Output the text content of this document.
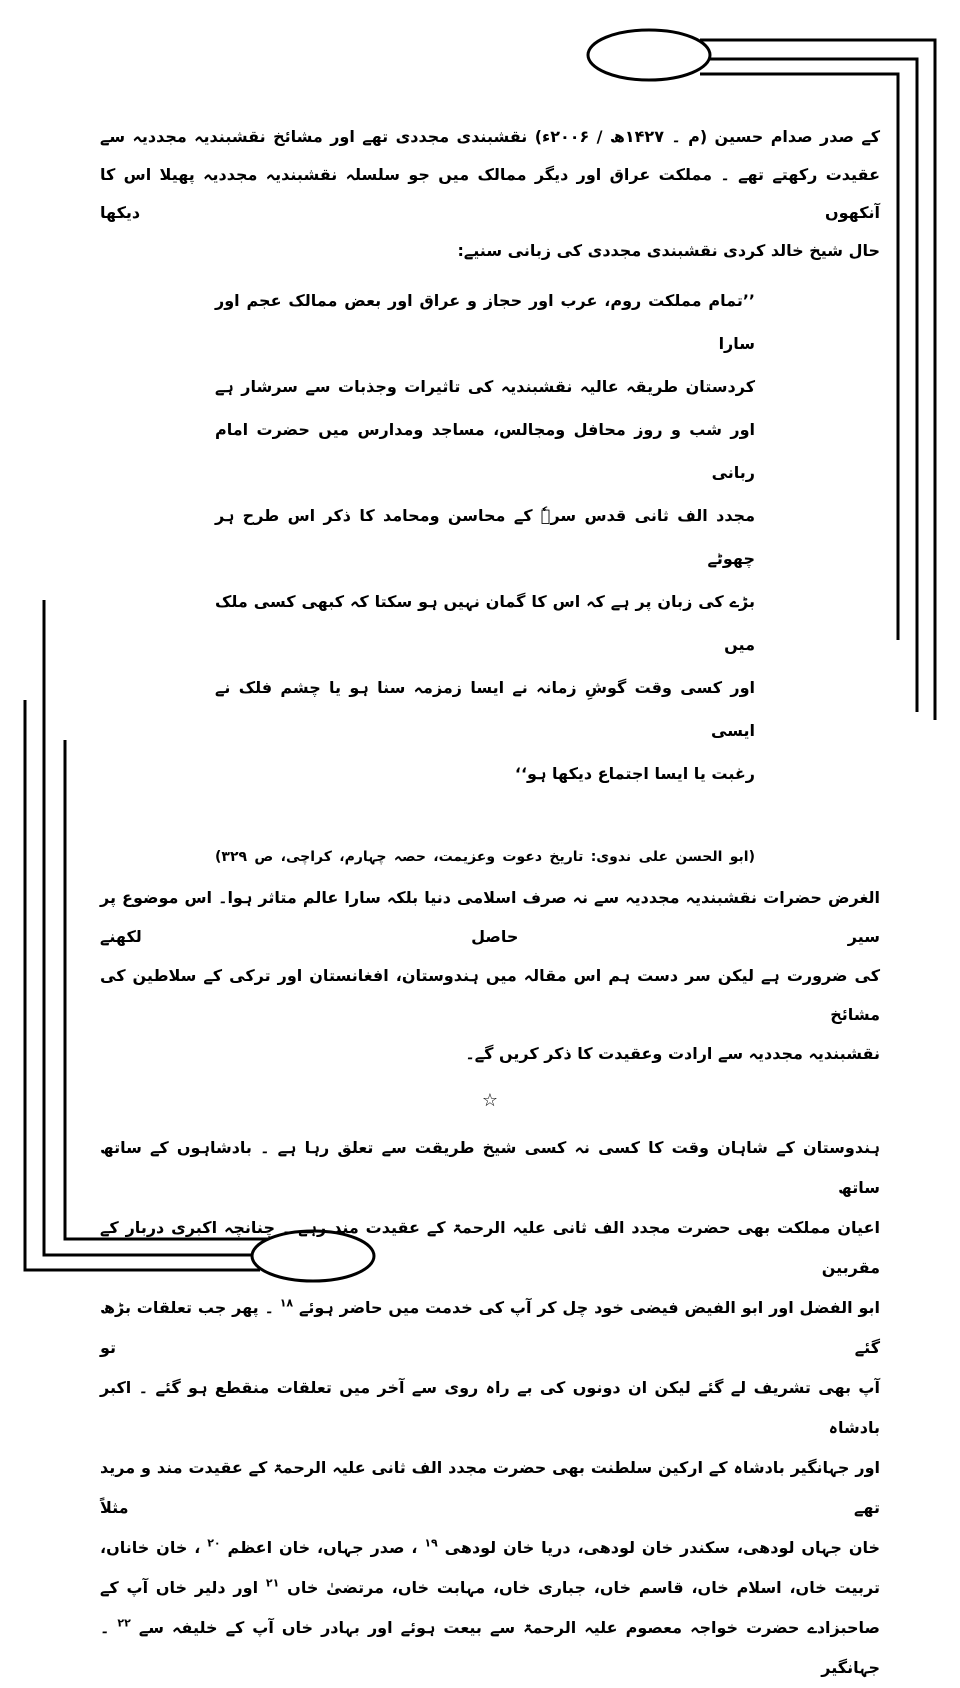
کے صدر صدام حسین (م ۔ ۱۴۲۷ھ / ۲۰۰۶ء) نقشبندی مجددی تھے اور مشائخ نقشبندیہ مجددیہ سے
عقیدت رکھتے تھے ۔ مملکت عراق اور دیگر ممالک میں جو سلسلہ نقشبندیہ مجددیہ پھیلا اس کا آنکھوں دیکھا
حال شیخ خالد کردی نقشبندی مجددی کی زبانی سنیے:
’’تمام مملکت روم، عرب اور حجاز و عراق اور بعض ممالک عجم اور سارا
کردستان طریقہ عالیہ نقشبندیہ کی تاثیرات وجذبات سے سرشار ہے
اور شب و روز محافل ومجالس، مساجد ومدارس میں حضرت امام ربانی
مجدد الف ثانی قدس سرہٗ کے محاسن ومحامد کا ذکر اس طرح ہر چھوٹے
بڑے کی زبان پر ہے کہ اس کا گمان نہیں ہو سکتا کہ کبھی کسی ملک میں
اور کسی وقت گوشِ زمانہ نے ایسا زمزمہ سنا ہو یا چشم فلک نے ایسی
رغبت یا ایسا اجتماع دیکھا ہو‘‘
(ابو الحسن علی ندوی: تاریخ دعوت وعزیمت، حصہ چہارم، کراچی، ص ۳۲۹)
الغرض حضرات نقشبندیہ مجددیہ سے نہ صرف اسلامی دنیا بلکہ سارا عالم متاثر ہوا۔ اس موضوع پر سیر حاصل لکھنے
کی ضرورت ہے لیکن سر دست ہم اس مقالہ میں ہندوستان، افغانستان اور ترکی کے سلاطین کی مشائخ
نقشبندیہ مجددیہ سے ارادت وعقیدت کا ذکر کریں گے۔
☆
ہندوستان کے شاہان وقت کا کسی نہ کسی شیخ طریقت سے تعلق رہا ہے ۔ بادشاہوں کے ساتھ ساتھ
اعیان مملکت بھی حضرت مجدد الف ثانی علیہ الرحمۃ کے عقیدت مند رہے ۔ چنانچہ اکبری دربار کے مقربین
ابو الفضل اور ابو الفیض فیضی خود چل کر آپ کی خدمت میں حاضر ہوئے $^{۱۸}$ ۔ پھر جب تعلقات بڑھ گئے تو
آپ بھی تشریف لے گئے لیکن ان دونوں کی بے راہ روی سے آخر میں تعلقات منقطع ہو گئے ۔ اکبر بادشاہ
اور جہانگیر بادشاہ کے ارکین سلطنت بھی حضرت مجدد الف ثانی علیہ الرحمۃ کے عقیدت مند و مرید تھے مثلاً
خان جہاں لودھی، سکندر خان لودھی، دریا خان لودھی $^{۱۹}$ ، صدر جہاں، خان اعظم $^{۲۰}$ ، خان خاناں،
تربیت خاں، اسلام خاں، قاسم خاں، جباری خاں، مہابت خاں، مرتضیٰ خاں $^{۲۱}$ اور دلیر خاں آپ کے
صاحبزادے حضرت خواجہ معصوم علیہ الرحمۃ سے بیعت ہوئے اور بہادر خاں آپ کے خلیفہ سے $^{۲۲}$ ۔ جہانگیر
